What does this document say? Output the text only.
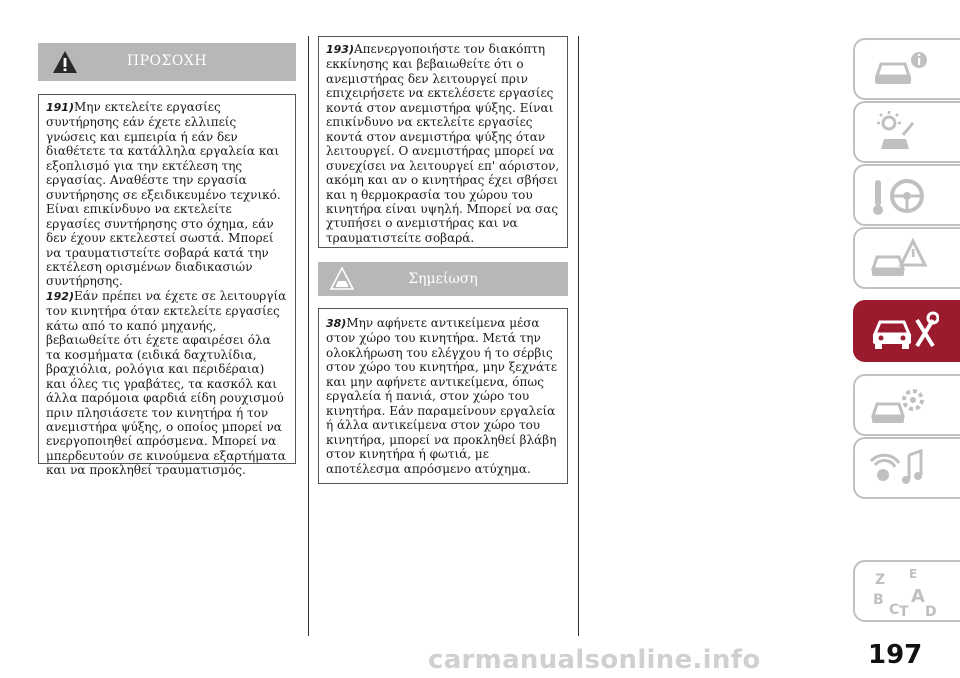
ΠΡΟΣΟΧΗ

191)Μην εκτελείτε εργασίες συντήρησης εάν έχετε ελλιπείς γνώσεις και εμπειρία ή εάν δεν διαθέτετε τα κατάλληλα εργαλεία και εξοπλισμό για την εκτέλεση της εργασίας. Αναθέστε την εργασία συντήρησης σε εξειδικευμένο τεχνικό. Είναι επικίνδυνο να εκτελείτε εργασίες συντήρησης στο όχημα, εάν δεν έχουν εκτελεστεί σωστά. Μπορεί να τραυματιστείτε σοβαρά κατά την εκτέλεση ορισμένων διαδικασιών συντήρησης.

192)Εάν πρέπει να έχετε σε λειτουργία τον κινητήρα όταν εκτελείτε εργασίες κάτω από το καπό μηχανής, βεβαιωθείτε ότι έχετε αφαιρέσει όλα τα κοσμήματα (ειδικά δαχτυλίδια, βραχιόλια, ρολόγια και περιδέραια) και όλες τις γραβάτες, τα κασκόλ και άλλα παρόμοια φαρδιά είδη ρουχισμού πριν πλησιάσετε τον κινητήρα ή τον ανεμιστήρα ψύξης, ο οποίος μπορεί να ενεργοποιηθεί απρόσμενα. Μπορεί να μπερδευτούν σε κινούμενα εξαρτήματα και να προκληθεί τραυματισμός.

193)Απενεργοποιήστε τον διακόπτη εκκίνησης και βεβαιωθείτε ότι ο ανεμιστήρας δεν λειτουργεί πριν επιχειρήσετε να εκτελέσετε εργασίες κοντά στον ανεμιστήρα ψύξης. Είναι επικίνδυνο να εκτελείτε εργασίες κοντά στον ανεμιστήρα ψύξης όταν λειτουργεί. Ο ανεμιστήρας μπορεί να συνεχίσει να λειτουργεί επ' αόριστον, ακόμη και αν ο κινητήρας έχει σβήσει και η θερμοκρασία του χώρου του κινητήρα είναι υψηλή. Μπορεί να σας χτυπήσει ο ανεμιστήρας και να τραυματιστείτε σοβαρά.

Σημείωση

38)Μην αφήνετε αντικείμενα μέσα στον χώρο του κινητήρα. Μετά την ολοκλήρωση του ελέγχου ή το σέρβις στον χώρο του κινητήρα, μην ξεχνάτε και μην αφήνετε αντικείμενα, όπως εργαλεία ή πανιά, στον χώρο του κινητήρα. Εάν παραμείνουν εργαλεία ή άλλα αντικείμενα στον χώρο του κινητήρα, μπορεί να προκληθεί βλάβη στον κινητήρα ή φωτιά, με αποτέλεσμα απρόσμενο ατύχημα.

Z E
B A
C T D
carmanualsonline.info	197
